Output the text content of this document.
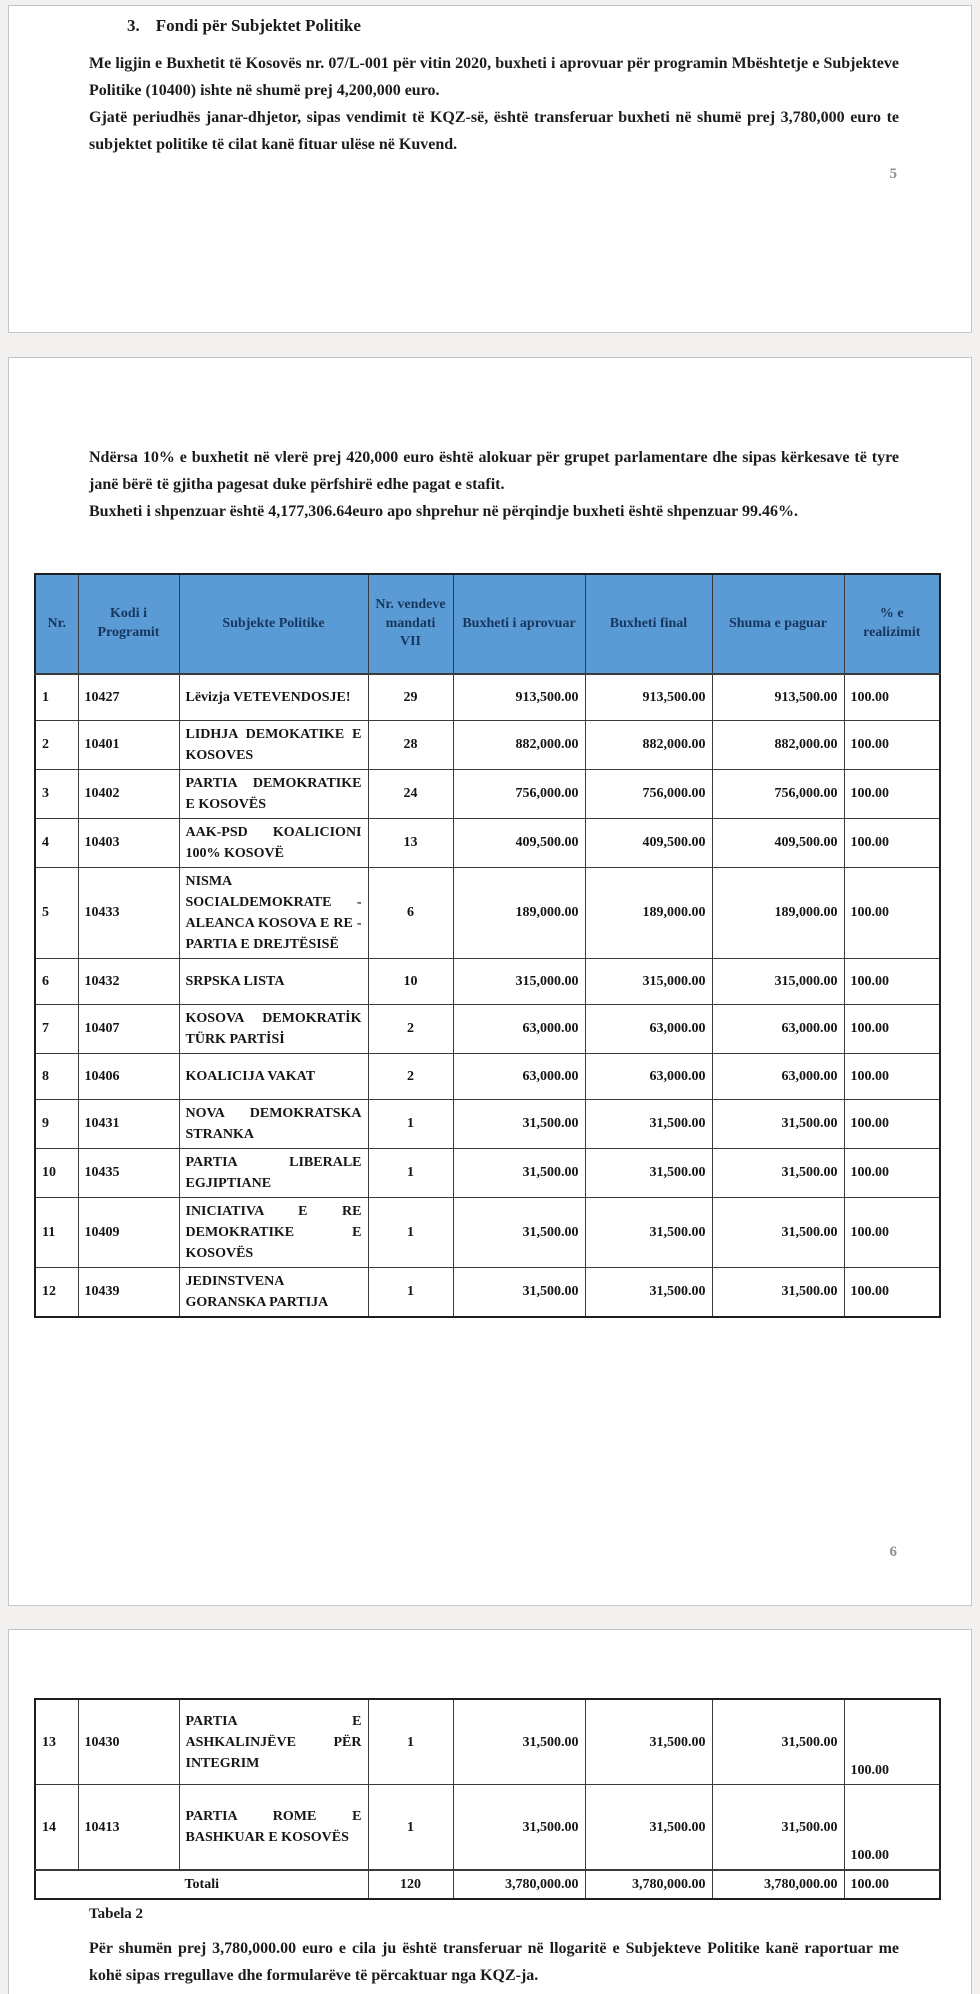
3. Fondi për Subjektet Politike

Me ligjin e Buxhetit të Kosovës nr. 07/L-001 për vitin 2020, buxheti i aprovuar për programin Mbështetje e Subjekteve Politike (10400) ishte në shumë prej 4,200,000 euro.

Gjatë periudhës janar-dhjetor, sipas vendimit të KQZ-së, është transferuar buxheti në shumë prej 3,780,000 euro te subjektet politike të cilat kanë fituar ulëse në Kuvend.

5

Ndërsa 10% e buxhetit në vlerë prej 420,000 euro është alokuar për grupet parlamentare dhe sipas kërkesave të tyre janë bërë të gjitha pagesat duke përfshirë edhe pagat e stafit.

Buxheti i shpenzuar është 4,177,306.64euro apo shprehur në përqindje buxheti është shpenzuar 99.46%.

Nr.	Kodi i Programit	Subjekte Politike	Nr. vendeve mandati VII	Buxheti i aprovuar	Buxheti final	Shuma e paguar	% e realizimit
1	10427	Lëvizja VETEVENDOSJE!	29	913,500.00	913,500.00	913,500.00	100.00
2	10401	LIDHJA DEMOKATIKE E KOSOVES	28	882,000.00	882,000.00	882,000.00	100.00
3	10402	PARTIA DEMOKRATIKE E KOSOVËS	24	756,000.00	756,000.00	756,000.00	100.00
4	10403	AAK-PSD KOALICIONI 100% KOSOVË	13	409,500.00	409,500.00	409,500.00	100.00
5	10433	NISMA SOCIALDEMOKRATE - ALEANCA KOSOVA E RE - PARTIA E DREJTËSISË	6	189,000.00	189,000.00	189,000.00	100.00
6	10432	SRPSKA LISTA	10	315,000.00	315,000.00	315,000.00	100.00
7	10407	KOSOVA DEMOKRATİK TÜRK PARTİSİ	2	63,000.00	63,000.00	63,000.00	100.00
8	10406	KOALICIJA VAKAT	2	63,000.00	63,000.00	63,000.00	100.00
9	10431	NOVA DEMOKRATSKA STRANKA	1	31,500.00	31,500.00	31,500.00	100.00
10	10435	PARTIA LIBERALE EGJIPTIANE	1	31,500.00	31,500.00	31,500.00	100.00
11	10409	INICIATIVA E RE DEMOKRATIKE E KOSOVËS	1	31,500.00	31,500.00	31,500.00	100.00
12	10439	JEDINSTVENA GORANSKA PARTIJA	1	31,500.00	31,500.00	31,500.00	100.00
6
13	10430	PARTIA E ASHKALINJËVE PËR INTEGRIM	1	31,500.00	31,500.00	31,500.00	100.00
14	10413	PARTIA ROME E BASHKUAR E KOSOVËS	1	31,500.00	31,500.00	31,500.00	100.00
Totali			120	3,780,000.00	3,780,000.00	3,780,000.00	100.00
Tabela 2

Për shumën prej 3,780,000.00 euro e cila ju është transferuar në llogaritë e Subjekteve Politike kanë raportuar me kohë sipas rregullave dhe formularëve të përcaktuar nga KQZ-ja.
